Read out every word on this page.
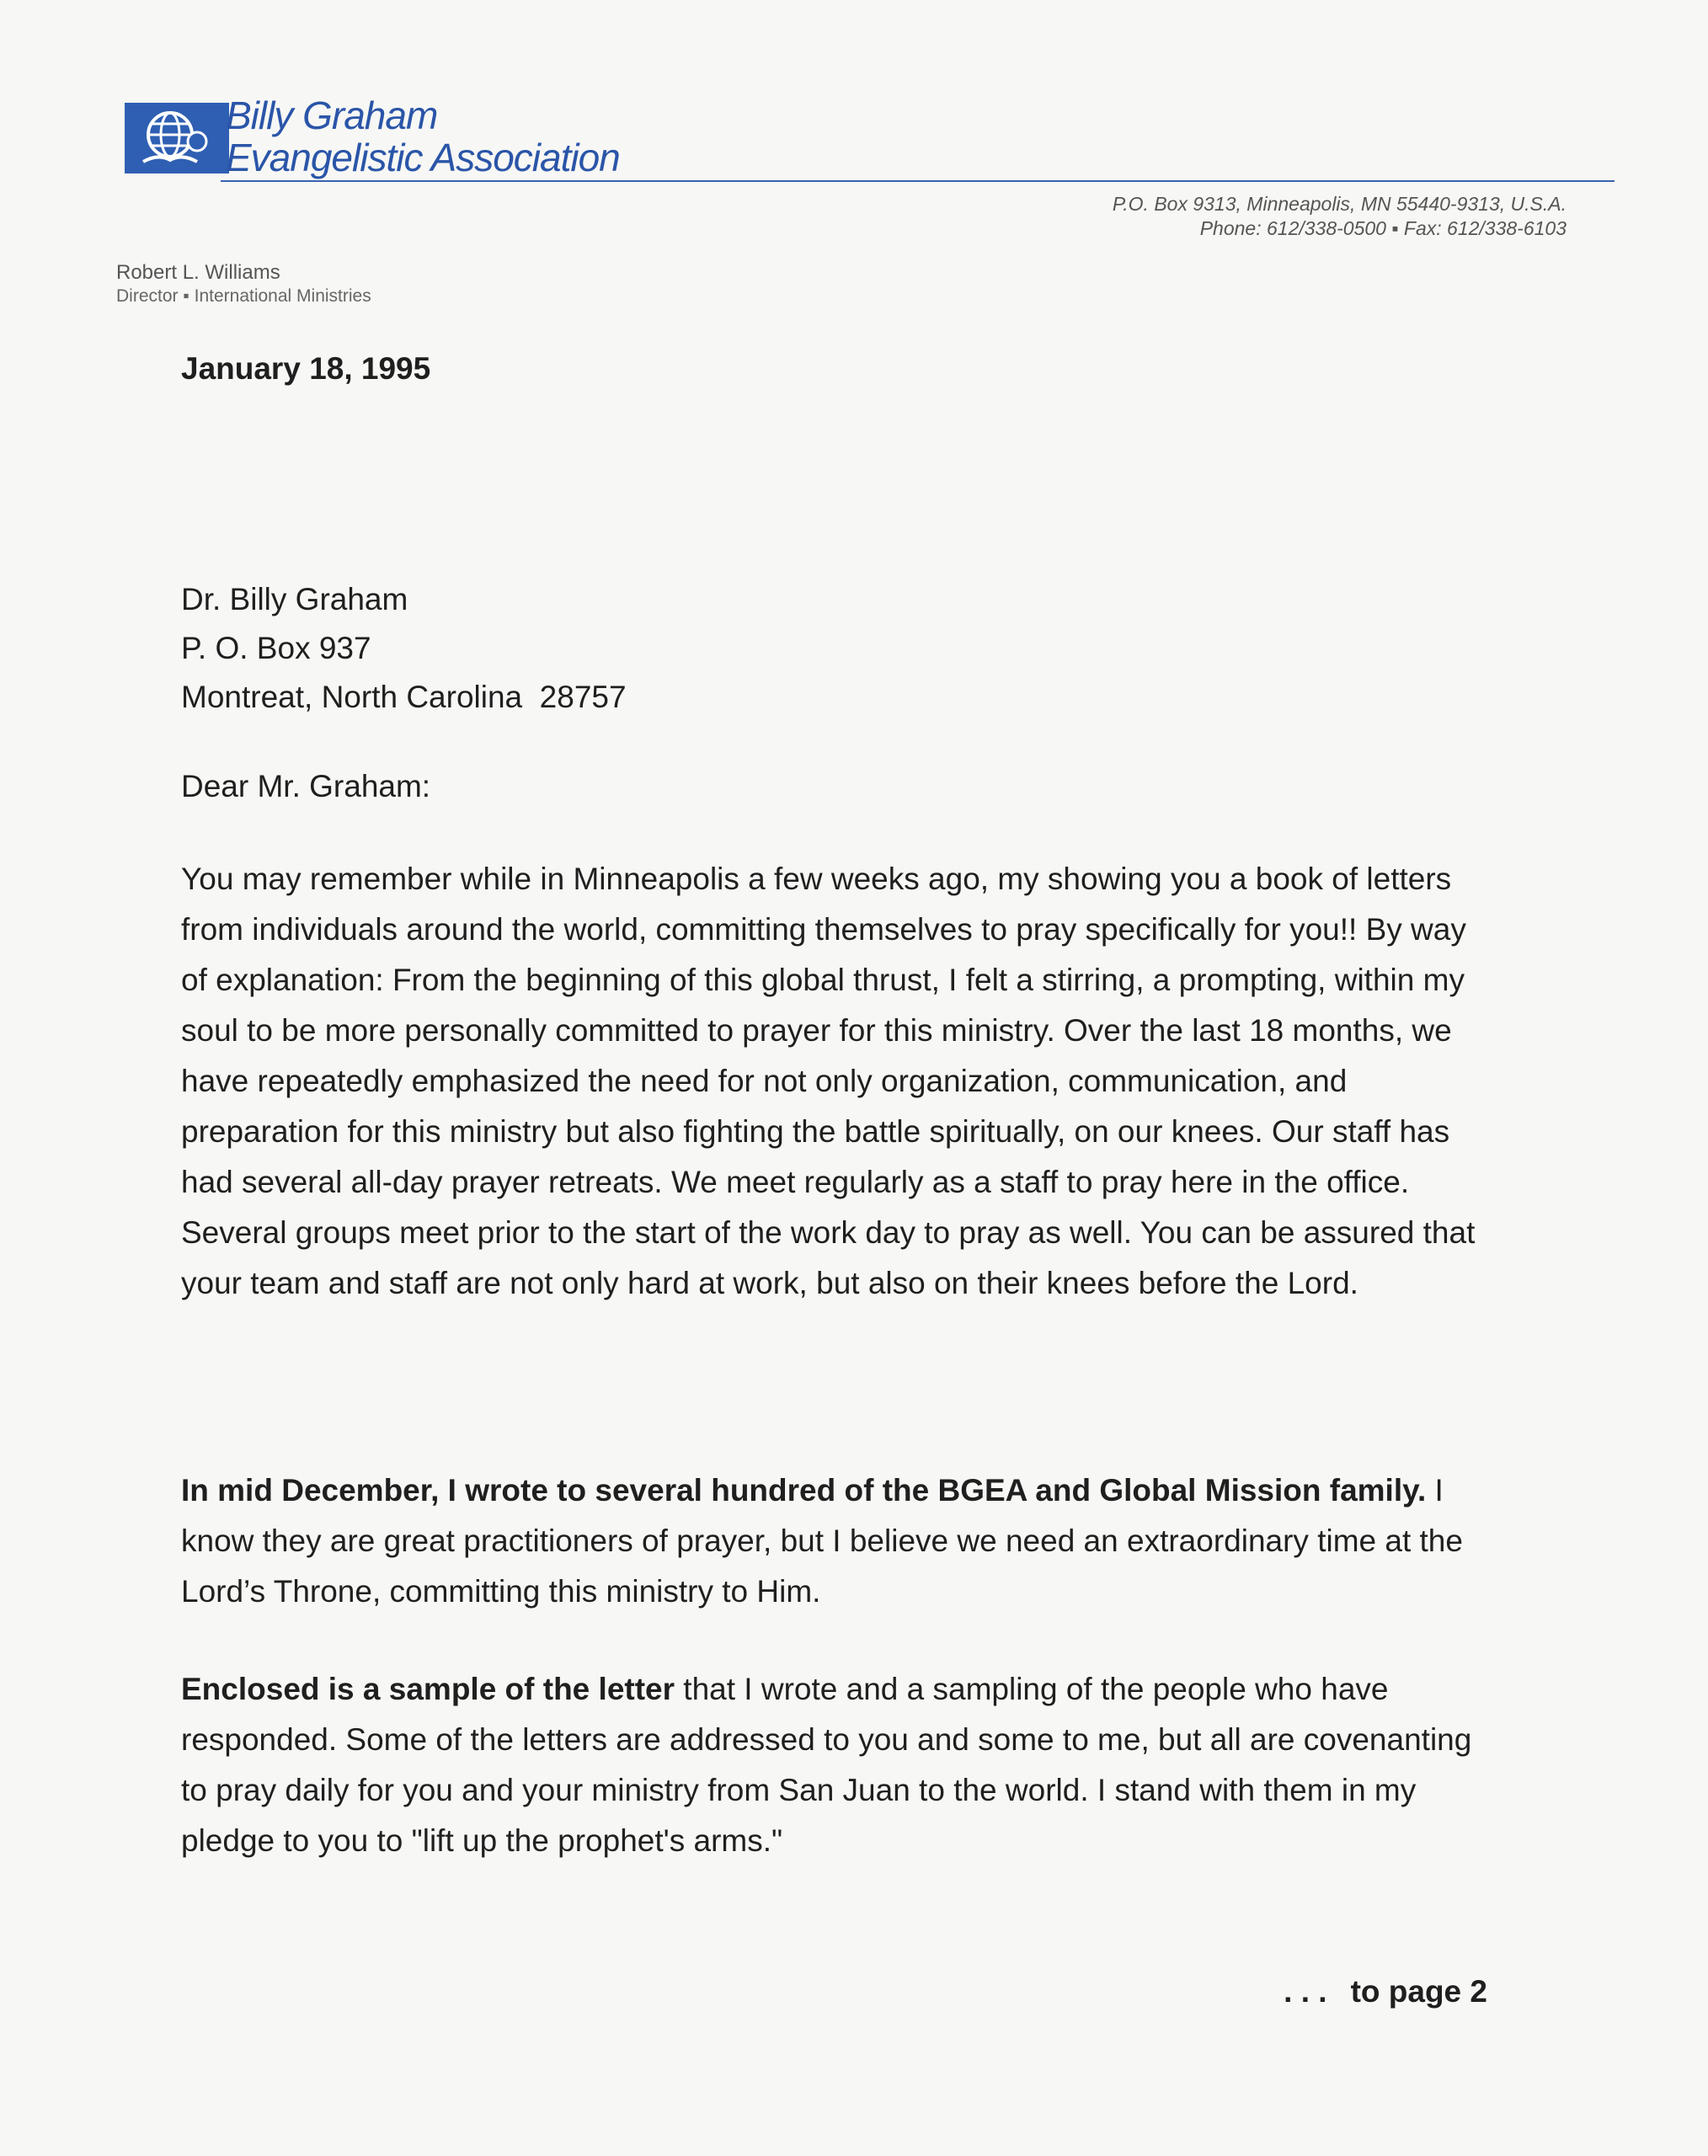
Billy Graham
Evangelistic Association
P.O. Box 9313, Minneapolis, MN 55440-9313, U.S.A.
Phone: 612/338-0500 ▪ Fax: 612/338-6103
Robert L. Williams
Director ▪ International Ministries
January 18, 1995
Dr. Billy Graham
P. O. Box 937
Montreat, North Carolina  28757
Dear Mr. Graham:

You may remember while in Minneapolis a few weeks ago, my showing you a book of letters from individuals around the world, committing themselves to pray specifically for you!! By way of explanation: From the beginning of this global thrust, I felt a stirring, a prompting, within my soul to be more personally committed to prayer for this ministry. Over the last 18 months, we have repeatedly emphasized the need for not only organization, communication, and preparation for this ministry but also fighting the battle spiritually, on our knees. Our staff has had several all-day prayer retreats. We meet regularly as a staff to pray here in the office. Several groups meet prior to the start of the work day to pray as well. You can be assured that your team and staff are not only hard at work, but also on their knees before the Lord.

In mid December, I wrote to several hundred of the BGEA and Global Mission family. I know they are great practitioners of prayer, but I believe we need an extraordinary time at the Lord’s Throne, committing this ministry to Him.

Enclosed is a sample of the letter that I wrote and a sampling of the people who have responded. Some of the letters are addressed to you and some to me, but all are covenanting to pray daily for you and your ministry from San Juan to the world. I stand with them in my pledge to you to "lift up the prophet's arms."

. . . to page 2
